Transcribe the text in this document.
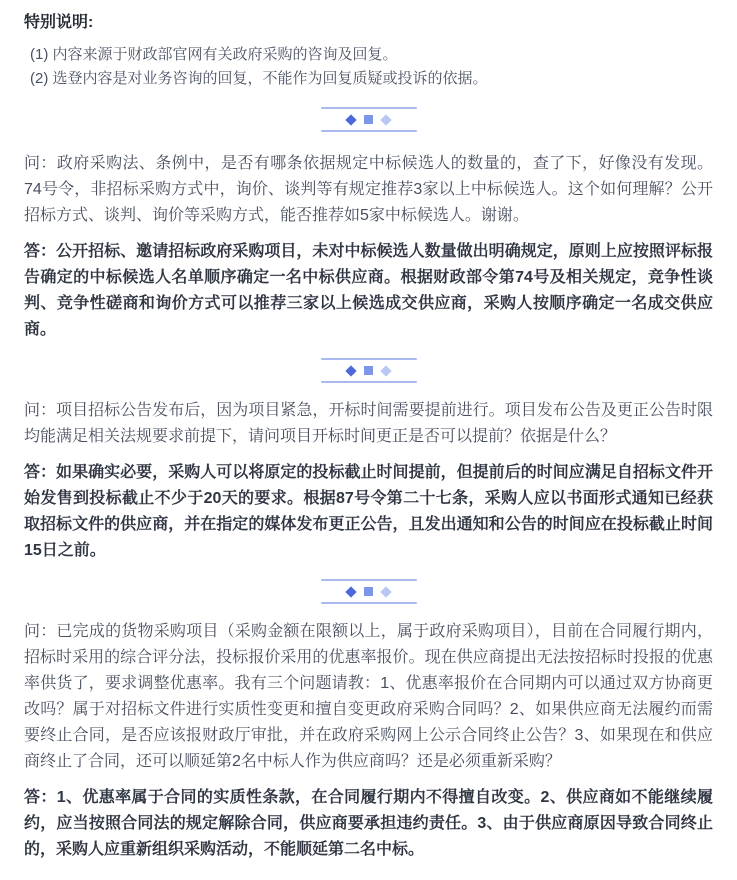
特别说明:

(1) 内容来源于财政部官网有关政府采购的咨询及回复。

(2) 选登内容是对业务咨询的回复，不能作为回复质疑或投诉的依据。

问：政府采购法、条例中，是否有哪条依据规定中标候选人的数量的，查了下，好像没有发现。74号令，非招标采购方式中，询价、谈判等有规定推荐3家以上中标候选人。这个如何理解？公开招标方式、谈判、询价等采购方式，能否推荐如5家中标候选人。谢谢。

答：公开招标、邀请招标政府采购项目，未对中标候选人数量做出明确规定，原则上应按照评标报告确定的中标候选人名单顺序确定一名中标供应商。根据财政部令第74号及相关规定，竞争性谈判、竞争性磋商和询价方式可以推荐三家以上候选成交供应商，采购人按顺序确定一名成交供应商。

问：项目招标公告发布后，因为项目紧急，开标时间需要提前进行。项目发布公告及更正公告时限均能满足相关法规要求前提下，请问项目开标时间更正是否可以提前？依据是什么？

答：如果确实必要，采购人可以将原定的投标截止时间提前，但提前后的时间应满足自招标文件开始发售到投标截止不少于20天的要求。根据87号令第二十七条，采购人应以书面形式通知已经获取招标文件的供应商，并在指定的媒体发布更正公告，且发出通知和公告的时间应在投标截止时间15日之前。

问：已完成的货物采购项目（采购金额在限额以上，属于政府采购项目），目前在合同履行期内，招标时采用的综合评分法，投标报价采用的优惠率报价。现在供应商提出无法按招标时投报的优惠率供货了，要求调整优惠率。我有三个问题请教：1、优惠率报价在合同期内可以通过双方协商更改吗？属于对招标文件进行实质性变更和擅自变更政府采购合同吗？2、如果供应商无法履约而需要终止合同，是否应该报财政厅审批，并在政府采购网上公示合同终止公告？3、如果现在和供应商终止了合同，还可以顺延第2名中标人作为供应商吗？还是必须重新采购？

答：1、优惠率属于合同的实质性条款，在合同履行期内不得擅自改变。2、供应商如不能继续履约，应当按照合同法的规定解除合同，供应商要承担违约责任。3、由于供应商原因导致合同终止的，采购人应重新组织采购活动，不能顺延第二名中标。
